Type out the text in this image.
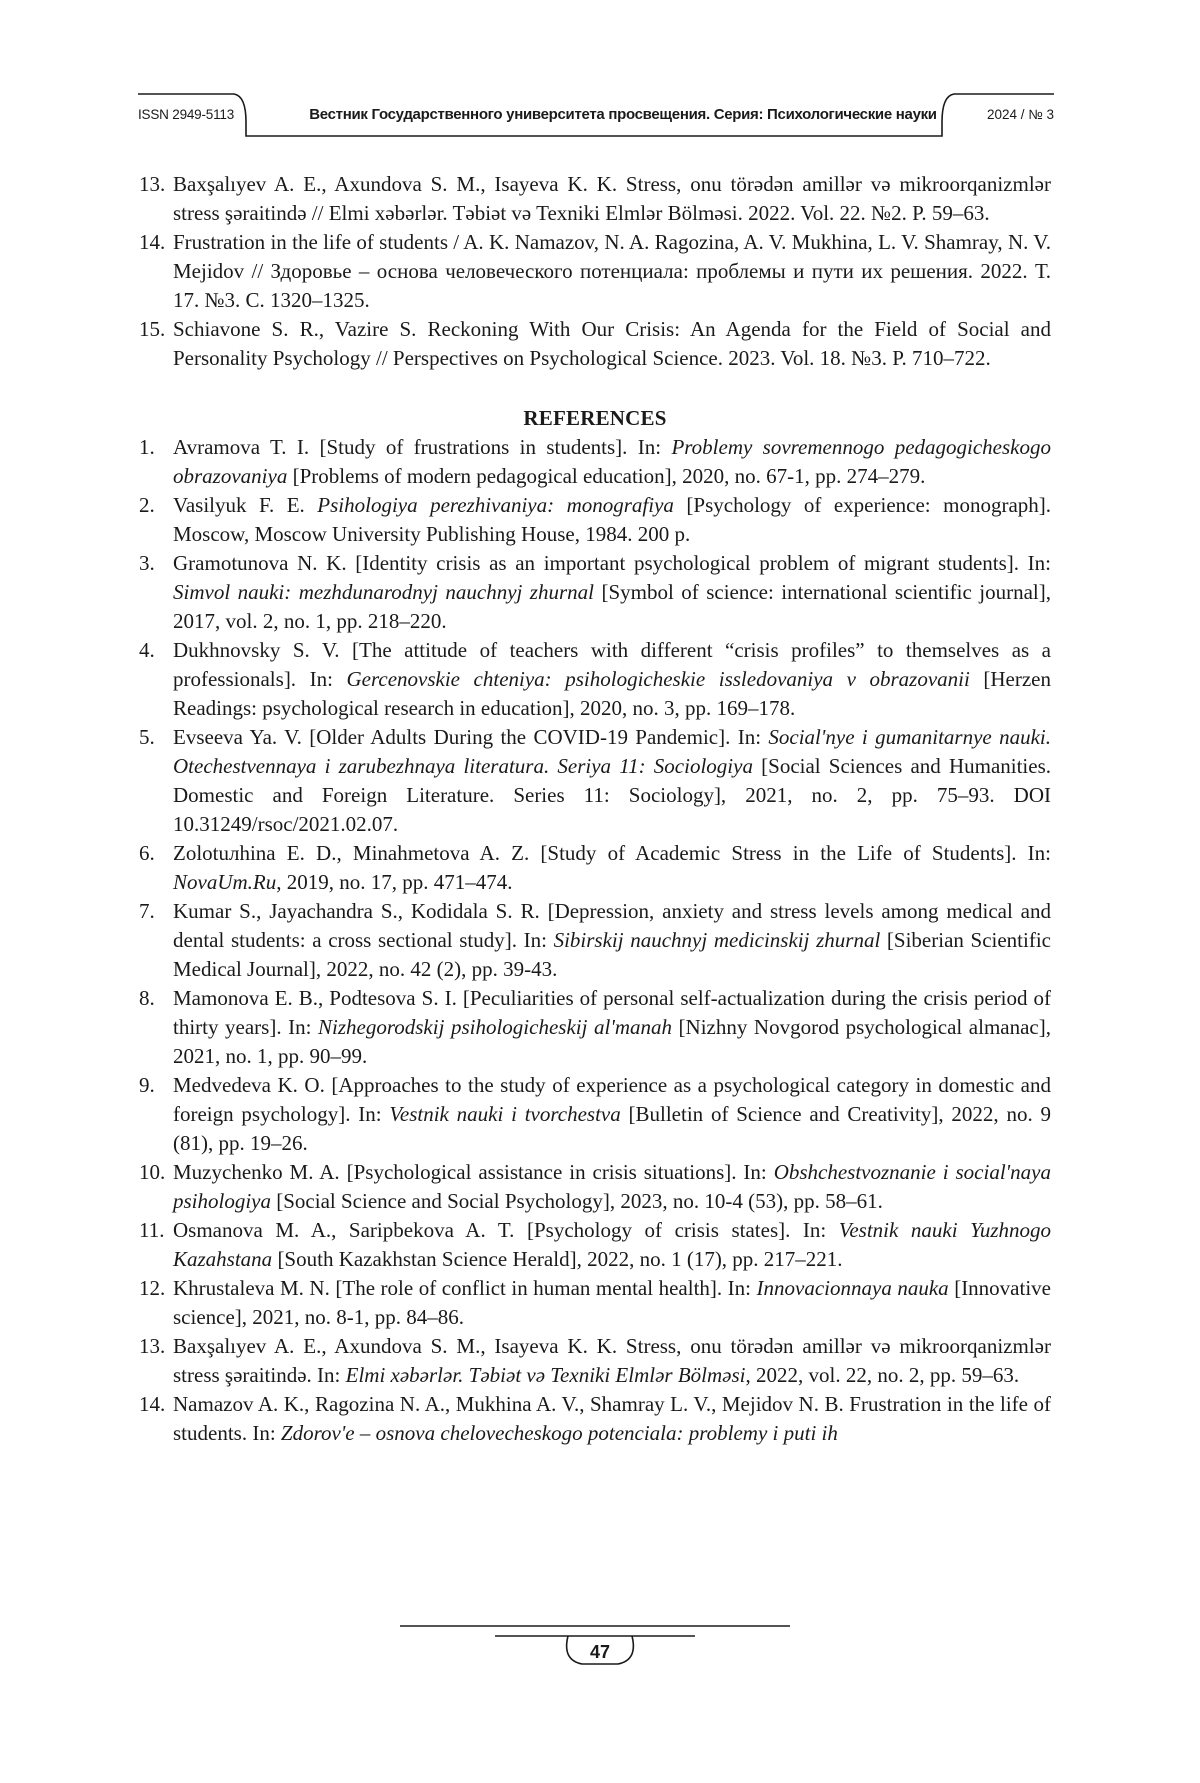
ISSN 2949-5113	Вестник Государственного университета просвещения. Серия: Психологические науки	2024 / № 3
13. Baxşalıyev A. E., Axundova S. M., Isayeva K. K. Stress, onu törədən amillər və mikroorqanizmlər stress şəraitində // Elmi xəbərlər. Təbiət və Texniki Elmlər Bölməsi. 2022. Vol. 22. №2. P. 59–63.
14. Frustration in the life of students / A. K. Namazov, N. A. Ragozina, A. V. Mukhina, L. V. Shamray, N. V. Mejidov // Здоровье – основа человеческого потенциала: проблемы и пути их решения. 2022. Т. 17. №3. С. 1320–1325.
15. Schiavone S. R., Vazire S. Reckoning With Our Crisis: An Agenda for the Field of Social and Personality Psychology // Perspectives on Psychological Science. 2023. Vol. 18. №3. P. 710–722.
REFERENCES
1. Avramova T. I. [Study of frustrations in students]. In: Problemy sovremennogo pedagogicheskogo obrazovaniya [Problems of modern pedagogical education], 2020, no. 67-1, pp. 274–279.
2. Vasilyuk F. E. Psihologiya perezhivaniya: monografiya [Psychology of experience: monograph]. Moscow, Moscow University Publishing House, 1984. 200 p.
3. Gramotunova N. K. [Identity crisis as an important psychological problem of migrant students]. In: Simvol nauki: mezhdunarodnyj nauchnyj zhurnal [Symbol of science: international scientific journal], 2017, vol. 2, no. 1, pp. 218–220.
4. Dukhnovsky S. V. [The attitude of teachers with different “crisis profiles” to themselves as a professionals]. In: Gercenovskie chteniya: psihologicheskie issledovaniya v obrazovanii [Herzen Readings: psychological research in education], 2020, no. 3, pp. 169–178.
5. Evseeva Ya. V. [Older Adults During the COVID-19 Pandemic]. In: Social'nye i gumanitarnye nauki. Otechestvennaya i zarubezhnaya literatura. Seriya 11: Sociologiya [Social Sciences and Humanities. Domestic and Foreign Literature. Series 11: Sociology], 2021, no. 2, pp. 75–93. DOI 10.31249/rsoc/2021.02.07.
6. Zolotuлhina E. D., Minahmetova A. Z. [Study of Academic Stress in the Life of Students]. In: NovaUm.Ru, 2019, no. 17, pp. 471–474.
7. Kumar S., Jayachandra S., Kodidala S. R. [Depression, anxiety and stress levels among medical and dental students: a cross sectional study]. In: Sibirskij nauchnyj medicinskij zhurnal [Siberian Scientific Medical Journal], 2022, no. 42 (2), pp. 39-43.
8. Mamonova E. B., Podtesova S. I. [Peculiarities of personal self-actualization during the crisis period of thirty years]. In: Nizhegorodskij psihologicheskij al'manah [Nizhny Novgorod psychological almanac], 2021, no. 1, pp. 90–99.
9. Medvedeva K. O. [Approaches to the study of experience as a psychological category in domestic and foreign psychology]. In: Vestnik nauki i tvorchestva [Bulletin of Science and Creativity], 2022, no. 9 (81), pp. 19–26.
10. Muzychenko M. A. [Psychological assistance in crisis situations]. In: Obshchestvoznanie i social'naya psihologiya [Social Science and Social Psychology], 2023, no. 10-4 (53), pp. 58–61.
11. Osmanova M. A., Saripbekova A. T. [Psychology of crisis states]. In: Vestnik nauki Yuzhnogo Kazahstana [South Kazakhstan Science Herald], 2022, no. 1 (17), pp. 217–221.
12. Khrustaleva M. N. [The role of conflict in human mental health]. In: Innovacionnaya nauka [Innovative science], 2021, no. 8-1, pp. 84–86.
13. Baxşalıyev A. E., Axundova S. M., Isayeva K. K. Stress, onu törədən amillər və mikroorqanizmlər stress şəraitində. In: Elmi xəbərlər. Təbiət və Texniki Elmlər Bölməsi, 2022, vol. 22, no. 2, pp. 59–63.
14. Namazov A. K., Ragozina N. A., Mukhina A. V., Shamray L. V., Mejidov N. B. Frustration in the life of students. In: Zdorov'e – osnova chelovecheskogo potenciala: problemy i puti ih
47
